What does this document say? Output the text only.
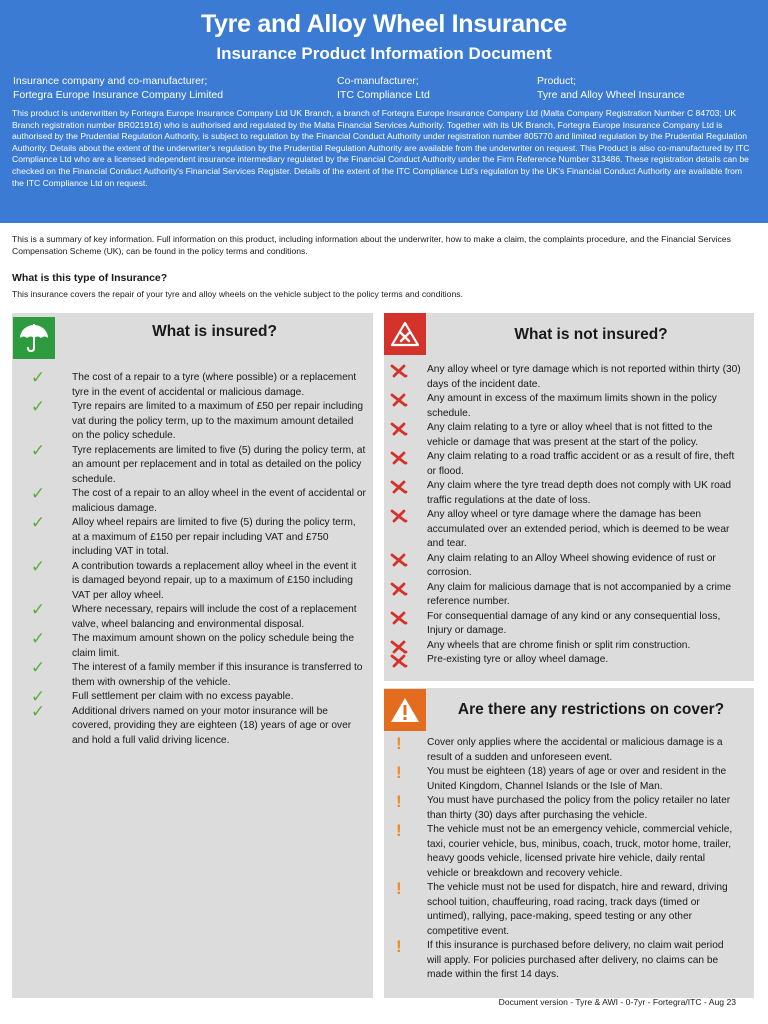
Tyre and Alloy Wheel Insurance
Insurance Product Information Document
Insurance company and co-manufacturer;
Fortegra Europe Insurance Company Limited
Co-manufacturer;
ITC Compliance Ltd
Product;
Tyre and Alloy Wheel Insurance
This product is underwritten by Fortegra Europe Insurance Company Ltd UK Branch, a branch of Fortegra Europe Insurance Company Ltd (Malta Company Registration Number C 84703; UK Branch registration number BR021916) who is authorised and regulated by the Malta Financial Services Authority. Together with its UK Branch, Fortegra Europe Insurance Company Ltd is authorised by the Prudential Regulation Authority, is subject to regulation by the Financial Conduct Authority under registration number 805770 and limited regulation by the Prudential Regulation Authority. Details about the extent of the underwriter's regulation by the Prudential Regulation Authority are available from the underwriter on request. This Product is also co-manufactured by ITC Compliance Ltd who are a licensed independent insurance intermediary regulated by the Financial Conduct Authority under the Firm Reference Number 313486. These registration details can be checked on the Financial Conduct Authority's Financial Services Register. Details of the extent of the ITC Compliance Ltd's regulation by the UK's Financial Conduct Authority are available from the ITC Compliance Ltd on request.
This is a summary of key information. Full information on this product, including information about the underwriter, how to make a claim, the complaints procedure, and the Financial Services Compensation Scheme (UK), can be found in the policy terms and conditions.
What is this type of Insurance?
This insurance covers the repair of your tyre and alloy wheels on the vehicle subject to the policy terms and conditions.
What is insured?
✓	The cost of a repair to a tyre (where possible) or a replacement tyre in the event of accidental or malicious damage.
✓	Tyre repairs are limited to a maximum of £50 per repair including vat during the policy term, up to the maximum amount detailed on the policy schedule.
✓	Tyre replacements are limited to five (5) during the policy term, at an amount per replacement and in total as detailed on the policy schedule.
✓	The cost of a repair to an alloy wheel in the event of accidental or malicious damage.
✓	Alloy wheel repairs are limited to five (5) during the policy term, at a maximum of £150 per repair including VAT and £750 including VAT in total.
✓	A contribution towards a replacement alloy wheel in the event it is damaged beyond repair, up to a maximum of £150 including VAT per alloy wheel.
✓	Where necessary, repairs will include the cost of a replacement valve, wheel balancing and environmental disposal.
✓	The maximum amount shown on the policy schedule being the claim limit.
✓	The interest of a family member if this insurance is transferred to them with ownership of the vehicle.
✓	Full settlement per claim with no excess payable.
✓	Additional drivers named on your motor insurance will be covered, providing they are eighteen (18) years of age or over and hold a full valid driving licence.
What is not insured?
Any alloy wheel or tyre damage which is not reported within thirty (30) days of the incident date.
Any amount in excess of the maximum limits shown in the policy schedule.
Any claim relating to a tyre or alloy wheel that is not fitted to the vehicle or damage that was present at the start of the policy.
Any claim relating to a road traffic accident or as a result of fire, theft or flood.
Any claim where the tyre tread depth does not comply with UK road traffic regulations at the date of loss.
Any alloy wheel or tyre damage where the damage has been accumulated over an extended period, which is deemed to be wear and tear.
Any claim relating to an Alloy Wheel showing evidence of rust or corrosion.
Any claim for malicious damage that is not accompanied by a crime reference number.
For consequential damage of any kind or any consequential loss, Injury or damage.
Any wheels that are chrome finish or split rim construction.
Pre-existing tyre or alloy wheel damage.
Are there any restrictions on cover?
! Cover only applies where the accidental or malicious damage is a result of a sudden and unforeseen event.
! You must be eighteen (18) years of age or over and resident in the United Kingdom, Channel Islands or the Isle of Man.
! You must have purchased the policy from the policy retailer no later than thirty (30) days after purchasing the vehicle.
! The vehicle must not be an emergency vehicle, commercial vehicle, taxi, courier vehicle, bus, minibus, coach, truck, motor home, trailer, heavy goods vehicle, licensed private hire vehicle, daily rental vehicle or breakdown and recovery vehicle.
! The vehicle must not be used for dispatch, hire and reward, driving school tuition, chauffeuring, road racing, track days (timed or untimed), rallying, pace-making, speed testing or any other competitive event.
! If this insurance is purchased before delivery, no claim wait period will apply. For policies purchased after delivery, no claims can be made within the first 14 days.
Document version - Tyre & AWI - 0-7yr - Fortegra/ITC - Aug 23
